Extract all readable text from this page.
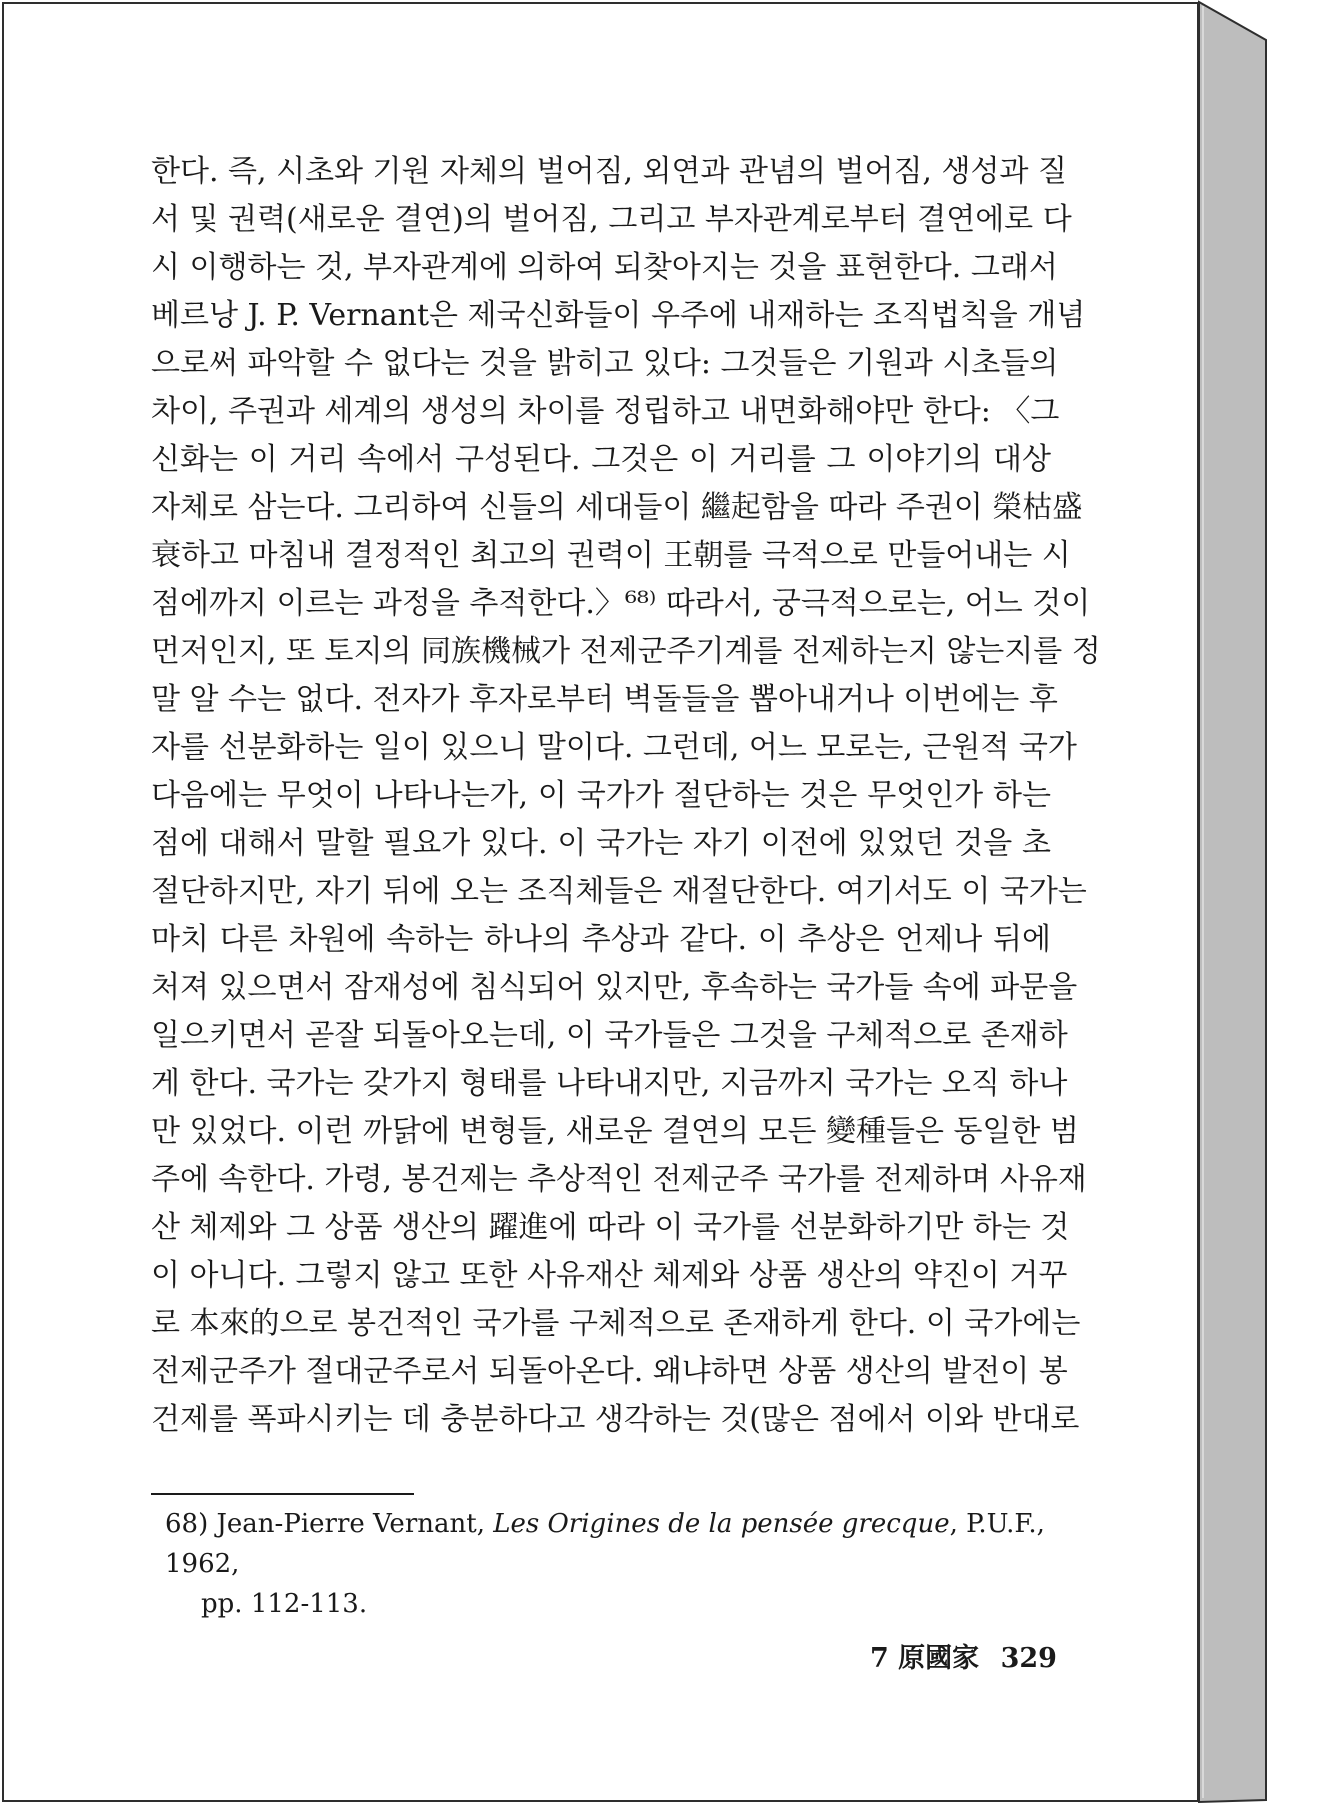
한다. 즉, 시초와 기원 자체의 벌어짐, 외연과 관념의 벌어짐, 생성과 질
서 및 권력(새로운 결연)의 벌어짐, 그리고 부자관계로부터 결연에로 다
시 이행하는 것, 부자관계에 의하여 되찾아지는 것을 표현한다. 그래서
베르낭 J. P. Vernant은 제국신화들이 우주에 내재하는 조직법칙을 개념
으로써 파악할 수 없다는 것을 밝히고 있다: 그것들은 기원과 시초들의
차이, 주권과 세계의 생성의 차이를 정립하고 내면화해야만 한다: 〈그
신화는 이 거리 속에서 구성된다. 그것은 이 거리를 그 이야기의 대상
자체로 삼는다. 그리하여 신들의 세대들이 繼起함을 따라 주권이 榮枯盛
衰하고 마침내 결정적인 최고의 권력이 王朝를 극적으로 만들어내는 시
점에까지 이르는 과정을 추적한다.〉⁶⁸⁾ 따라서, 궁극적으로는, 어느 것이
먼저인지, 또 토지의 同族機械가 전제군주기계를 전제하는지 않는지를 정
말 알 수는 없다. 전자가 후자로부터 벽돌들을 뽑아내거나 이번에는 후
자를 선분화하는 일이 있으니 말이다. 그런데, 어느 모로는, 근원적 국가
다음에는 무엇이 나타나는가, 이 국가가 절단하는 것은 무엇인가 하는
점에 대해서 말할 필요가 있다. 이 국가는 자기 이전에 있었던 것을 초
절단하지만, 자기 뒤에 오는 조직체들은 재절단한다. 여기서도 이 국가는
마치 다른 차원에 속하는 하나의 추상과 같다. 이 추상은 언제나 뒤에
처져 있으면서 잠재성에 침식되어 있지만, 후속하는 국가들 속에 파문을
일으키면서 곧잘 되돌아오는데, 이 국가들은 그것을 구체적으로 존재하
게 한다. 국가는 갖가지 형태를 나타내지만, 지금까지 국가는 오직 하나
만 있었다. 이런 까닭에 변형들, 새로운 결연의 모든 變種들은 동일한 범
주에 속한다. 가령, 봉건제는 추상적인 전제군주 국가를 전제하며 사유재
산 체제와 그 상품 생산의 躍進에 따라 이 국가를 선분화하기만 하는 것
이 아니다. 그렇지 않고 또한 사유재산 체제와 상품 생산의 약진이 거꾸
로 本來的으로 봉건적인 국가를 구체적으로 존재하게 한다. 이 국가에는
전제군주가 절대군주로서 되돌아온다. 왜냐하면 상품 생산의 발전이 봉
건제를 폭파시키는 데 충분하다고 생각하는 것(많은 점에서 이와 반대로
68) Jean-Pierre Vernant, Les Origines de la pensée grecque, P.U.F., 1962,
pp. 112-113.
7 原國家 329
